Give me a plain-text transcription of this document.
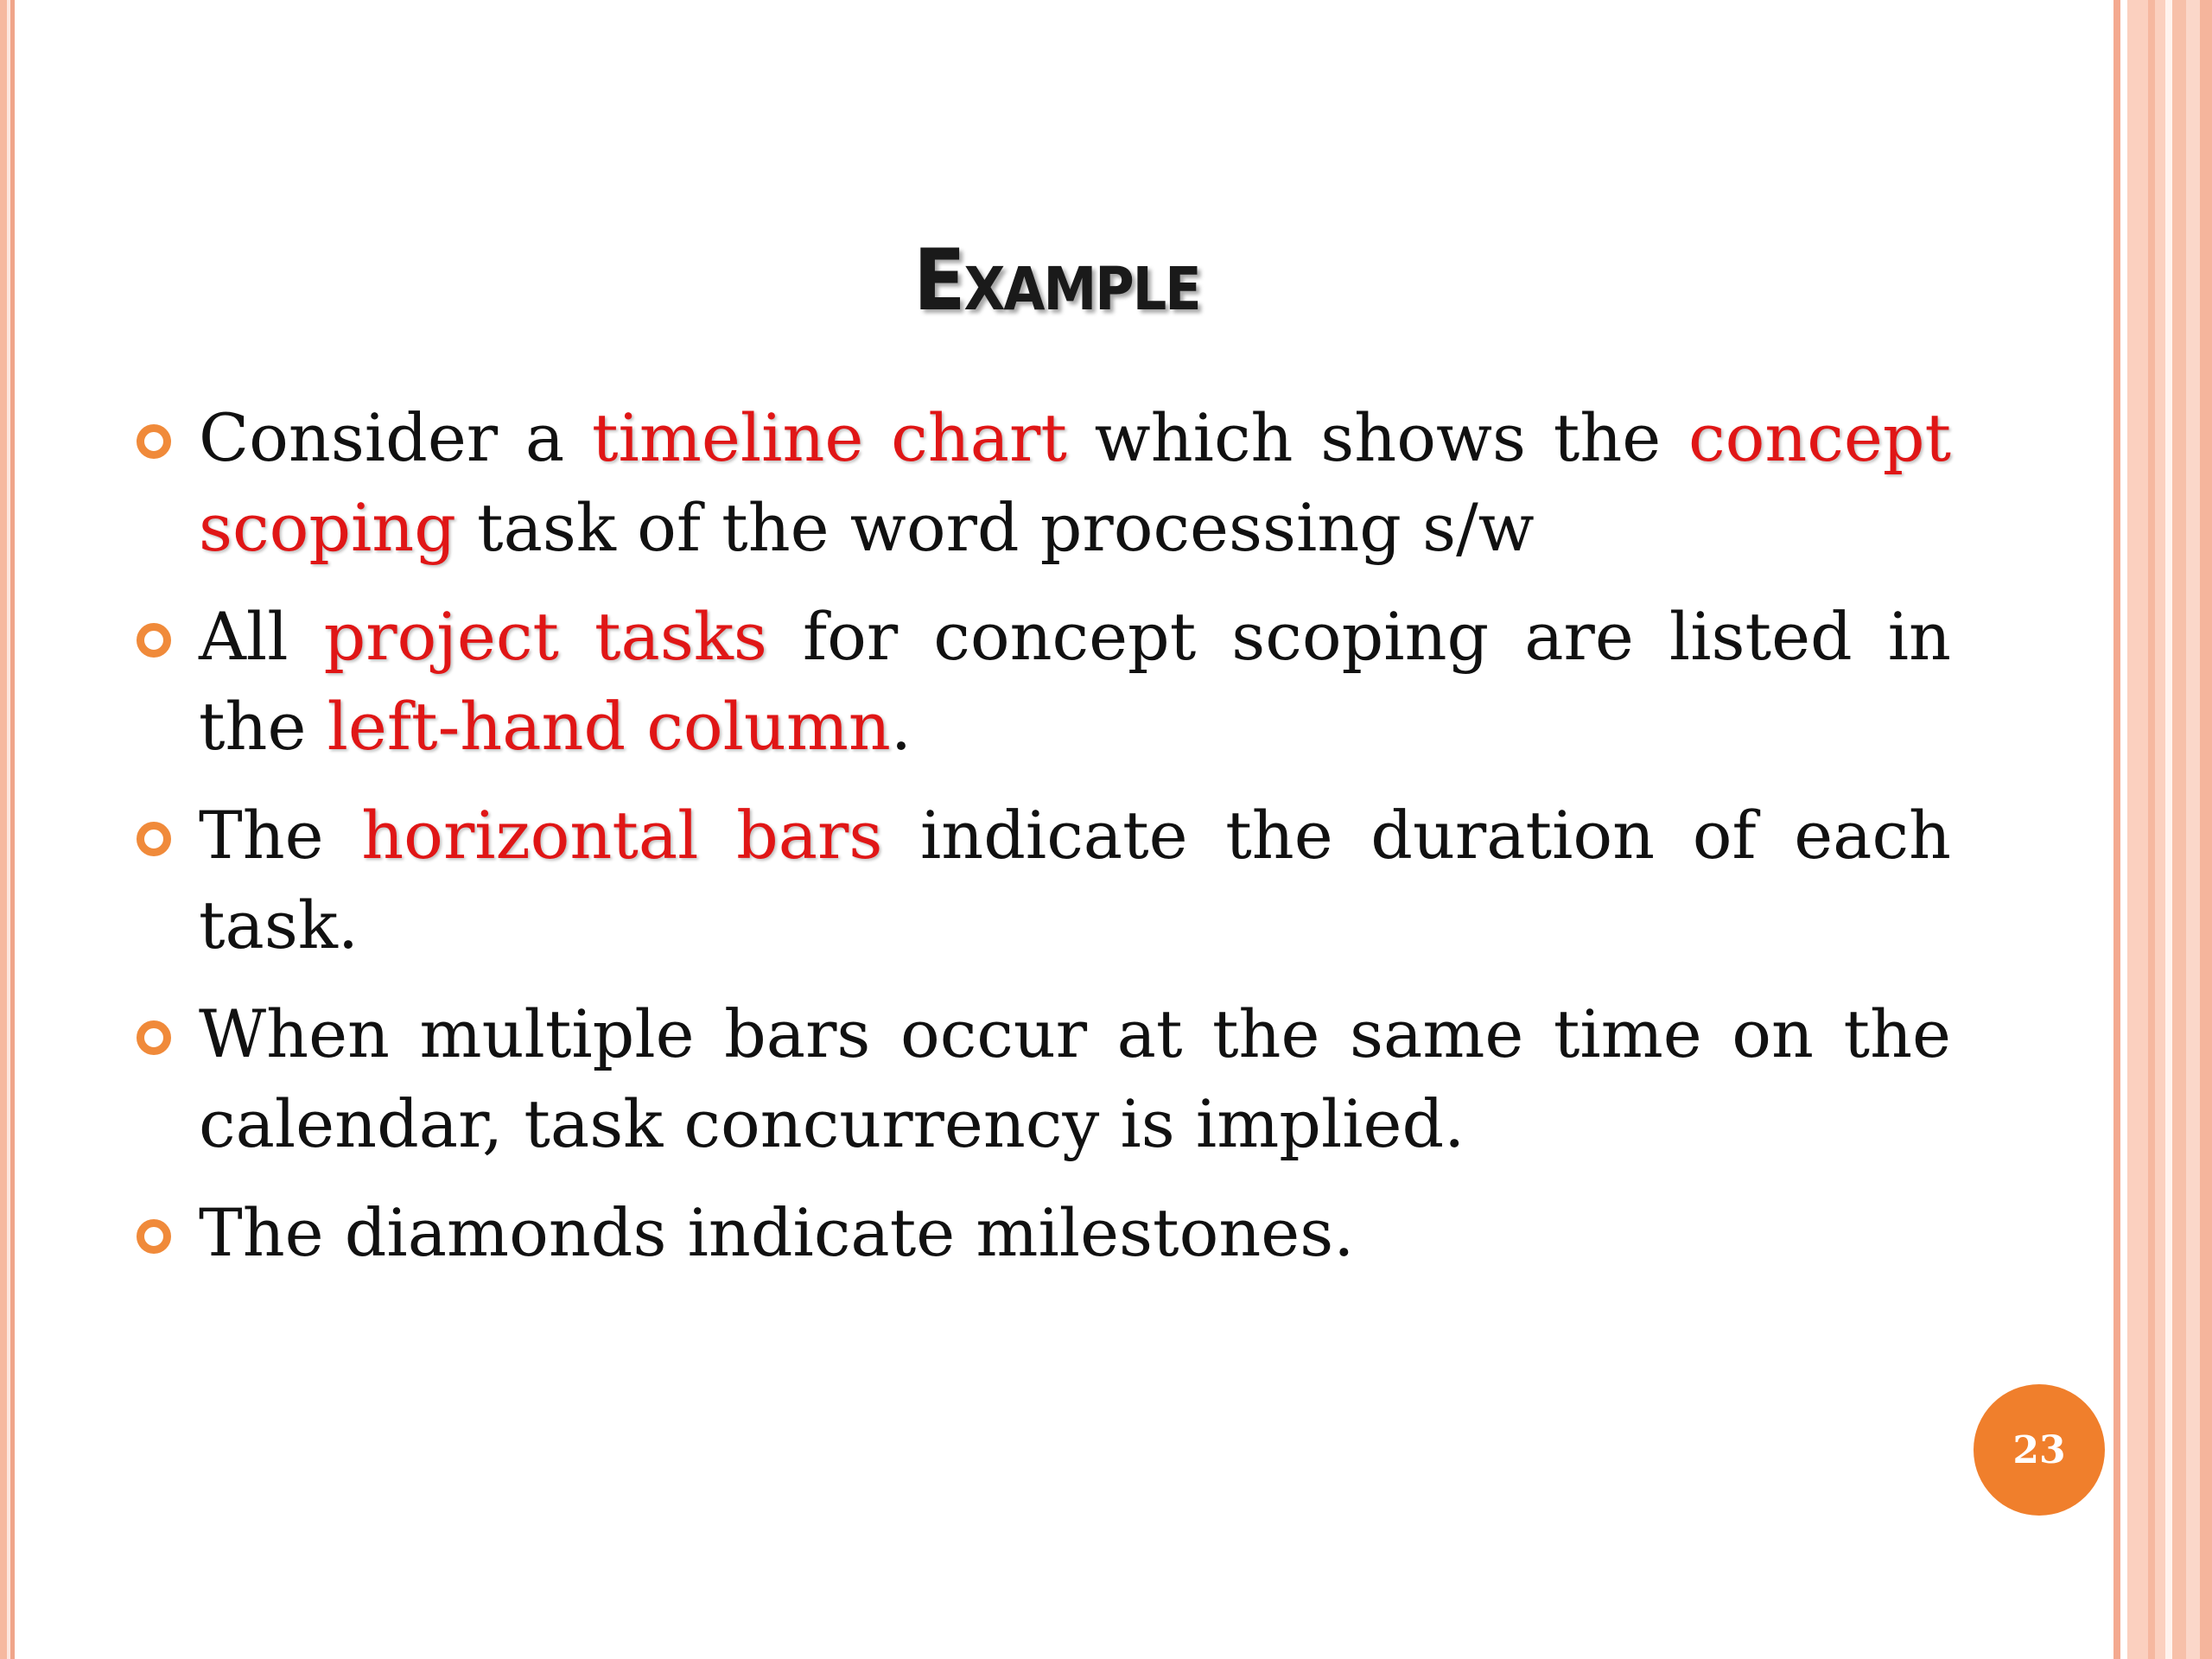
Example
Consider a timeline chart which shows the concept scoping task of the word processing s/w
All project tasks for concept scoping are listed in the left-hand column.
The horizontal bars indicate the duration of each task.
When multiple bars occur at the same time on the calendar, task concurrency is implied.
The diamonds indicate milestones.
23
